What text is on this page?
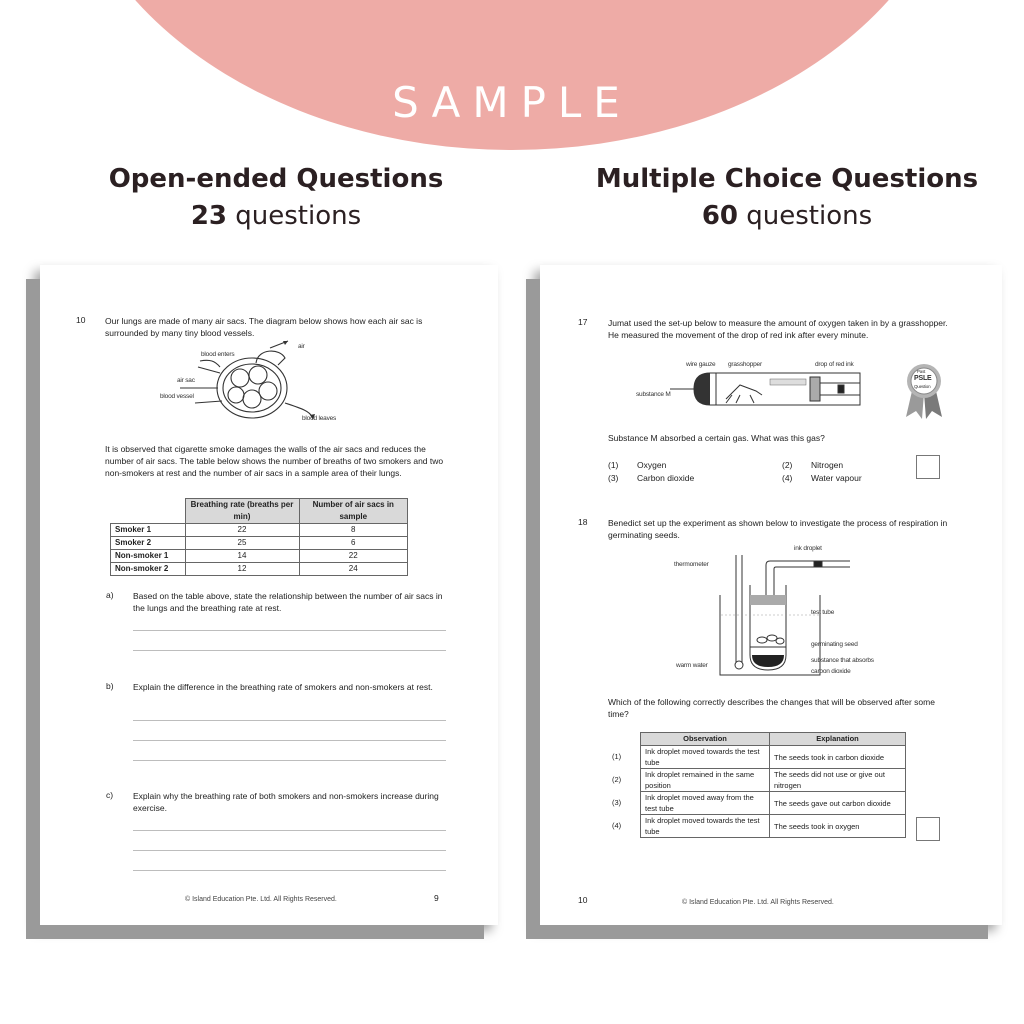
SAMPLE
Open-ended Questions
23 questions
Multiple Choice Questions
60 questions
10 Our lungs are made of many air sacs. The diagram below shows how each air sac is surrounded by many tiny blood vessels.
blood enters
air
air sac
blood vessel
blood leaves
It is observed that cigarette smoke damages the walls of the air sacs and reduces the number of air sacs. The table below shows the number of breaths of two smokers and two non-smokers at rest and the number of air sacs in a sample area of their lungs.
	Breathing rate (breaths per min)	Number of air sacs in sample
Smoker 1	22	8
Smoker 2	25	6
Non-smoker 1	14	22
Non-smoker 2	12	24
a) Based on the table above, state the relationship between the number of air sacs in the lungs and the breathing rate at rest.
b) Explain the difference in the breathing rate of smokers and non-smokers at rest.
c) Explain why the breathing rate of both smokers and non-smokers increase during exercise.
© Island Education Pte. Ltd. All Rights Reserved.	9
17 Jumat used the set-up below to measure the amount of oxygen taken in by a grasshopper. He measured the movement of the drop of red ink after every minute.
wire gauze grasshopper	drop of red ink
substance M
Past
PSLE
Question
Substance M absorbed a certain gas. What was this gas?
(1) Oxygen	(2) Nitrogen
(3) Carbon dioxide	(4) Water vapour
18 Benedict set up the experiment as shown below to investigate the process of respiration in germinating seeds.
ink droplet
thermometer
test tube
germinating seed
substance that absorbs
carbon dioxide
warm water
Which of the following correctly describes the changes that will be observed after some time?
	Observation	Explanation
(1)	Ink droplet moved towards the test tube	The seeds took in carbon dioxide
(2)	Ink droplet remained in the same position	The seeds did not use or give out nitrogen
(3)	Ink droplet moved away from the test tube	The seeds gave out carbon dioxide
(4)	Ink droplet moved towards the test tube	The seeds took in oxygen
10	© Island Education Pte. Ltd. All Rights Reserved.
